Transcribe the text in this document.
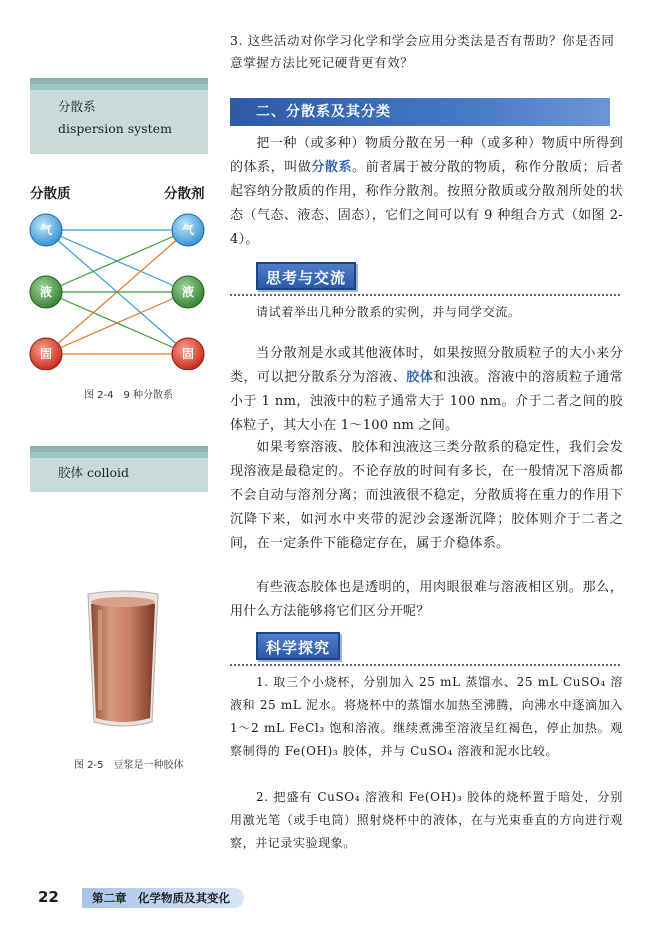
3. 这些活动对你学习化学和学会应用分类法是否有帮助？你是否同意掌握方法比死记硬背更有效？
分散系
dispersion system
分散质	分散剂
气
液
固
气
液
固
图 2-4　9 种分散系
胶体 colloid
图 2-5　豆浆是一种胶体
二、分散系及其分类
把一种（或多种）物质分散在另一种（或多种）物质中所得到的体系，叫做分散系。前者属于被分散的物质，称作分散质；后者起容纳分散质的作用，称作分散剂。按照分散质或分散剂所处的状态（气态、液态、固态），它们之间可以有 9 种组合方式（如图 2-4）。
思考与交流
请试着举出几种分散系的实例，并与同学交流。
当分散剂是水或其他液体时，如果按照分散质粒子的大小来分类，可以把分散系分为溶液、胶体和浊液。溶液中的溶质粒子通常小于 1 nm，浊液中的粒子通常大于 100 nm。介于二者之间的胶体粒子，其大小在 1～100 nm 之间。
如果考察溶液、胶体和浊液这三类分散系的稳定性，我们会发现溶液是最稳定的。不论存放的时间有多长，在一般情况下溶质都不会自动与溶剂分离；而浊液很不稳定，分散质将在重力的作用下沉降下来，如河水中夹带的泥沙会逐渐沉降；胶体则介于二者之间，在一定条件下能稳定存在，属于介稳体系。
有些液态胶体也是透明的，用肉眼很难与溶液相区别。那么，用什么方法能够将它们区分开呢？
科学探究
1. 取三个小烧杯，分别加入 25 mL 蒸馏水、25 mL CuSO₄ 溶液和 25 mL 泥水。将烧杯中的蒸馏水加热至沸腾，向沸水中逐滴加入 1～2 mL FeCl₃ 饱和溶液。继续煮沸至溶液呈红褐色，停止加热。观察制得的 Fe(OH)₃ 胶体，并与 CuSO₄ 溶液和泥水比较。
2. 把盛有 CuSO₄ 溶液和 Fe(OH)₃ 胶体的烧杯置于暗处，分别用激光笔（或手电筒）照射烧杯中的液体，在与光束垂直的方向进行观察，并记录实验现象。
22	第二章　化学物质及其变化
